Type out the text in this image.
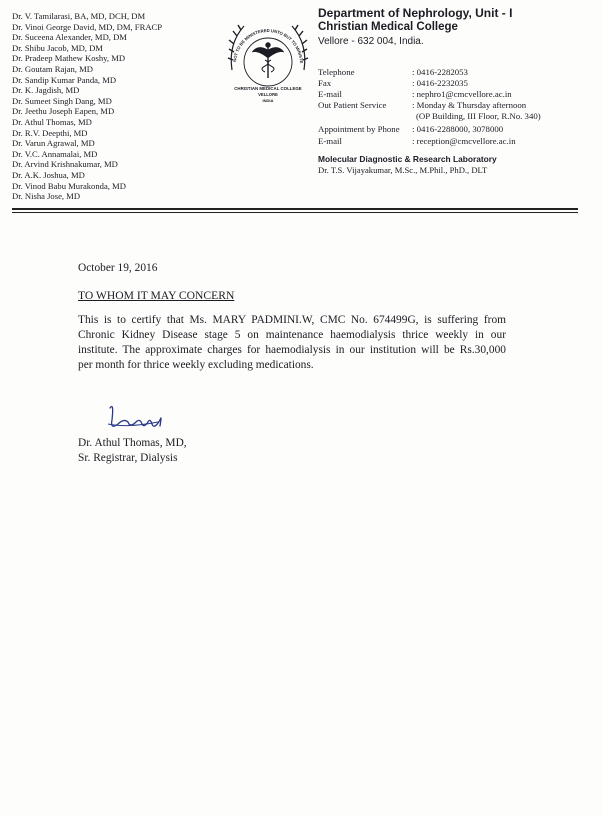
Dr. V. Tamilarasi, BA, MD, DCH, DM
Dr. Vinoi George David, MD, DM, FRACP
Dr. Suceena Alexander, MD, DM
Dr. Shibu Jacob, MD, DM
Dr. Pradeep Mathew Koshy, MD
Dr. Goutam Rajan, MD
Dr. Sandip Kumar Panda, MD
Dr. K. Jagdish, MD
Dr. Sumeet Singh Dang, MD
Dr. Jeethu Joseph Eapen, MD
Dr. Athul Thomas, MD
Dr. R.V. Deepthi, MD
Dr. Varun Agrawal, MD
Dr. V.C. Annamalai, MD
Dr. Arvind Krishnakumar, MD
Dr. A.K. Joshua, MD
Dr. Vinod Babu Murakonda, MD
Dr. Nisha Jose, MD
NOT TO BE MINISTERED UNTO BUT TO MINISTE
CHRISTIAN MEDICAL COLLEGE
VELLORE
INDIA
Department of Nephrology, Unit - I
Christian Medical College
Vellore - 632 004, India.
Telephone	: 0416-2282053
Fax	: 0416-2232035
E-mail	: nephro1@cmcvellore.ac.in
Out Patient Service	: Monday & Thursday afternoon
(OP Building, III Floor, R.No. 340)
Appointment by Phone : 0416-2288000, 3078000
E-mail	: reception@cmcvellore.ac.in
Molecular Diagnostic & Research Laboratory
Dr. T.S. Vijayakumar, M.Sc., M.Phil., PhD., DLT
October 19, 2016
TO WHOM IT MAY CONCERN
This is to certify that Ms. MARY PADMINI.W, CMC No. 674499G, is suffering from
Chronic Kidney Disease stage 5 on maintenance haemodialysis thrice weekly in our
institute. The approximate charges for haemodialysis in our institution will be Rs.30,000
per month for thrice weekly excluding medications.
Dr. Athul Thomas, MD,
Sr. Registrar, Dialysis
